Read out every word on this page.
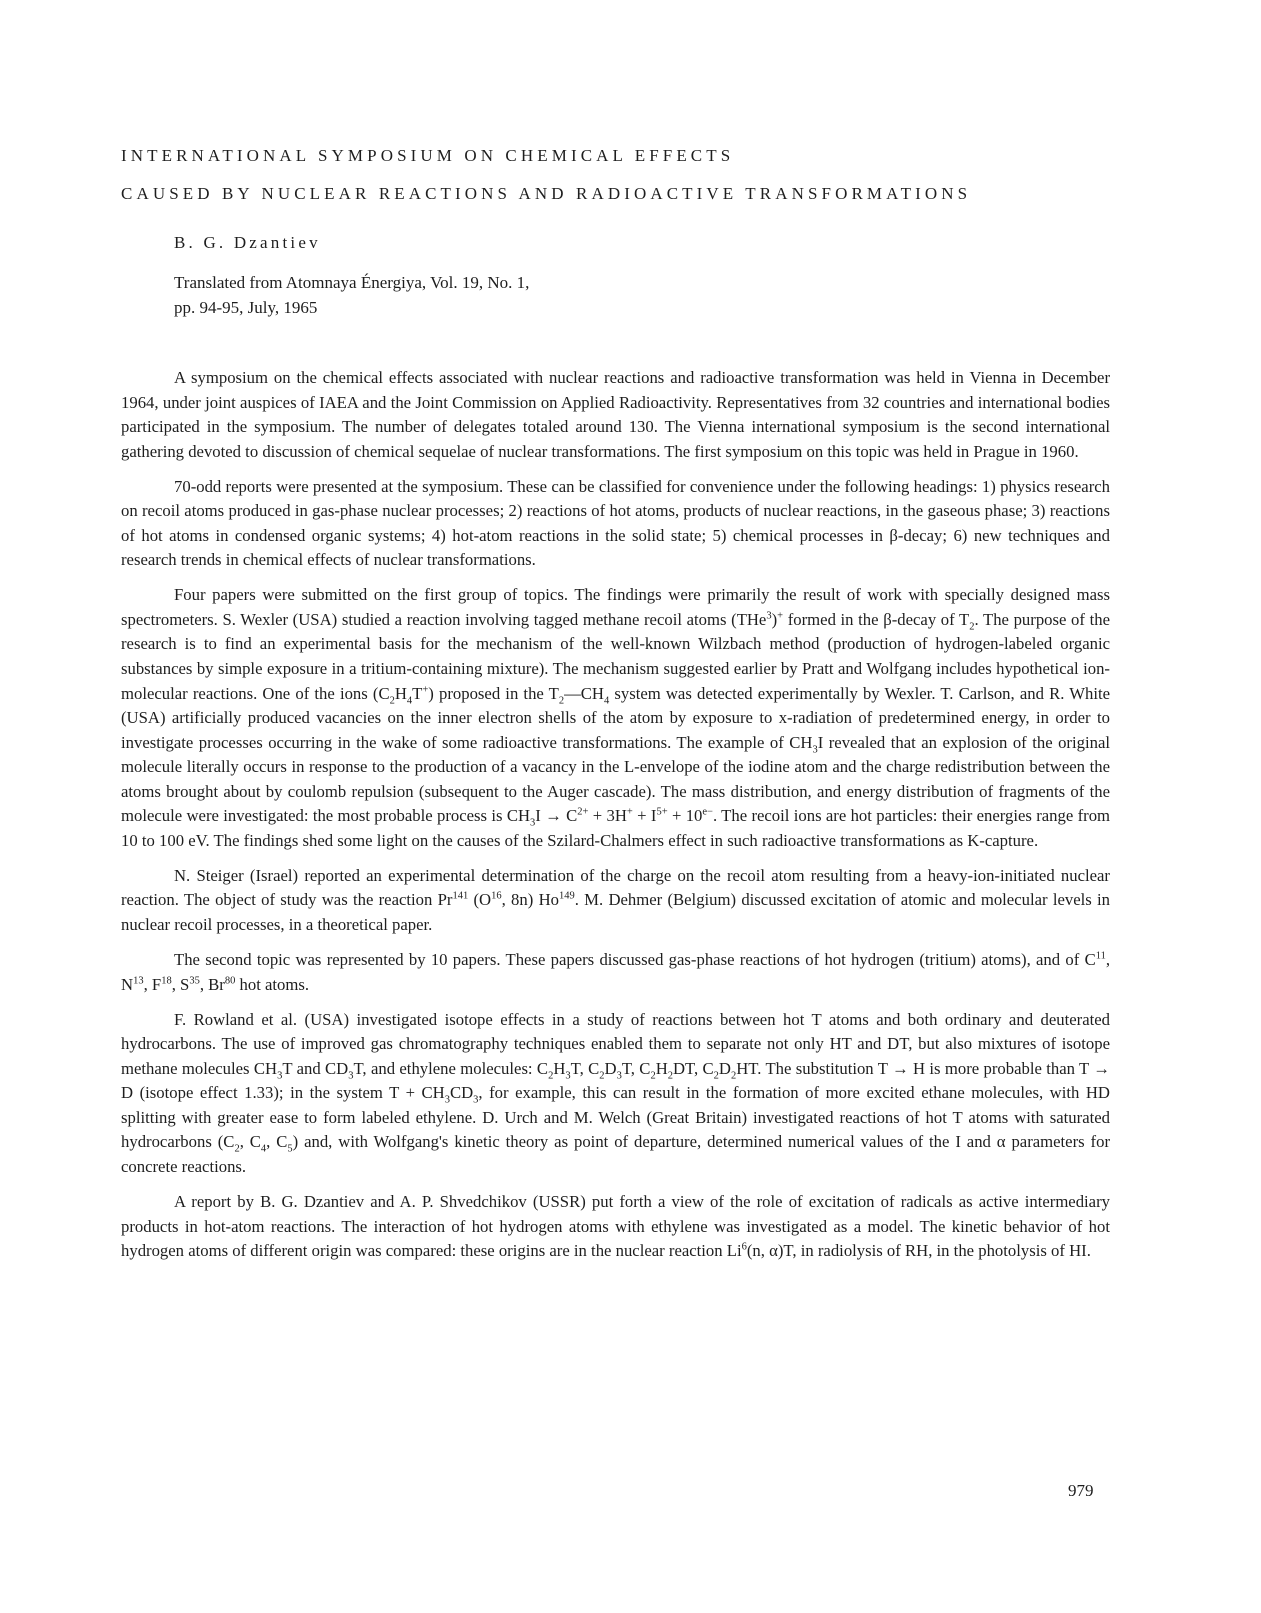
INTERNATIONAL SYMPOSIUM ON CHEMICAL EFFECTS
CAUSED BY NUCLEAR REACTIONS AND RADIOACTIVE TRANSFORMATIONS

B. G. Dzantiev

Translated from Atomnaya Énergiya, Vol. 19, No. 1,
pp. 94-95, July, 1965

A symposium on the chemical effects associated with nuclear reactions and radioactive transformation was held in Vienna in December 1964, under joint auspices of IAEA and the Joint Commission on Applied Radioactivity. Representatives from 32 countries and international bodies participated in the symposium. The number of delegates totaled around 130. The Vienna international symposium is the second international gathering devoted to discussion of chemical sequelae of nuclear transformations. The first symposium on this topic was held in Prague in 1960.

70-odd reports were presented at the symposium. These can be classified for convenience under the following headings: 1) physics research on recoil atoms produced in gas-phase nuclear processes; 2) reactions of hot atoms, products of nuclear reactions, in the gaseous phase; 3) reactions of hot atoms in condensed organic systems; 4) hot-atom reactions in the solid state; 5) chemical processes in β-decay; 6) new techniques and research trends in chemical effects of nuclear transformations.

Four papers were submitted on the first group of topics. The findings were primarily the result of work with specially designed mass spectrometers. S. Wexler (USA) studied a reaction involving tagged methane recoil atoms (THe$^3$)+ formed in the β-decay of $T_2$. The purpose of the research is to find an experimental basis for the mechanism of the well-known Wilzbach method (production of hydrogen-labeled organic substances by simple exposure in a tritium-containing mixture). The mechanism suggested earlier by Pratt and Wolfgang includes hypothetical ion-molecular reactions. One of the ions $(C_2H_4T^+)$ proposed in the $T_2—CH_4$ system was detected experimentally by Wexler. T. Carlson, and R. White (USA) artificially produced vacancies on the inner electron shells of the atom by exposure to x-radiation of predetermined energy, in order to investigate processes occurring in the wake of some radioactive transformations. The example of $CH_3I$ revealed that an explosion of the original molecule literally occurs in response to the production of a vacancy in the L-envelope of the iodine atom and the charge redistribution between the atoms brought about by coulomb repulsion (subsequent to the Auger cascade). The mass distribution, and energy distribution of fragments of the molecule were investigated: the most probable process is $CH_3I \to C^{2+} + 3H^+ + I^{5+} + 10^{e-}$. The recoil ions are hot particles: their energies range from 10 to 100 eV. The findings shed some light on the causes of the Szilard-Chalmers effect in such radioactive transformations as K-capture.

N. Steiger (Israel) reported an experimental determination of the charge on the recoil atom resulting from a heavy-ion-initiated nuclear reaction. The object of study was the reaction Pr$^{141}$ ($O^{16}$, 8n) Ho$^{149}$. M. Dehmer (Belgium) discussed excitation of atomic and molecular levels in nuclear recoil processes, in a theoretical paper.

The second topic was represented by 10 papers. These papers discussed gas-phase reactions of hot hydrogen (tritium) atoms), and of $C^{11}$, $N^{13}$, $F^{18}$, $S^{35}$, Br$^{80}$ hot atoms.

F. Rowland et al. (USA) investigated isotope effects in a study of reactions between hot T atoms and both ordinary and deuterated hydrocarbons. The use of improved gas chromatography techniques enabled them to separate not only HT and DT, but also mixtures of isotope methane molecules $CH_3T$ and $CD_3T$, and ethylene molecules: $C_2H_3T$, $C_2D_3T$, $C_2H_2DT$, $C_2D_2HT$. The substitution T → H is more probable than T → D (isotope effect 1.33); in the system $T + CH_3CD_3$, for example, this can result in the formation of more excited ethane molecules, with HD splitting with greater ease to form labeled ethylene. D. Urch and M. Welch (Great Britain) investigated reactions of hot T atoms with saturated hydrocarbons ($C_2$, $C_4$, $C_5$) and, with Wolfgang's kinetic theory as point of departure, determined numerical values of the I and α parameters for concrete reactions.

A report by B. G. Dzantiev and A. P. Shvedchikov (USSR) put forth a view of the role of excitation of radicals as active intermediary products in hot-atom reactions. The interaction of hot hydrogen atoms with ethylene was investigated as a model. The kinetic behavior of hot hydrogen atoms of different origin was compared: these origins are in the nuclear reaction Li$^6$(n, α)T, in radiolysis of RH, in the photolysis of HI.

979
